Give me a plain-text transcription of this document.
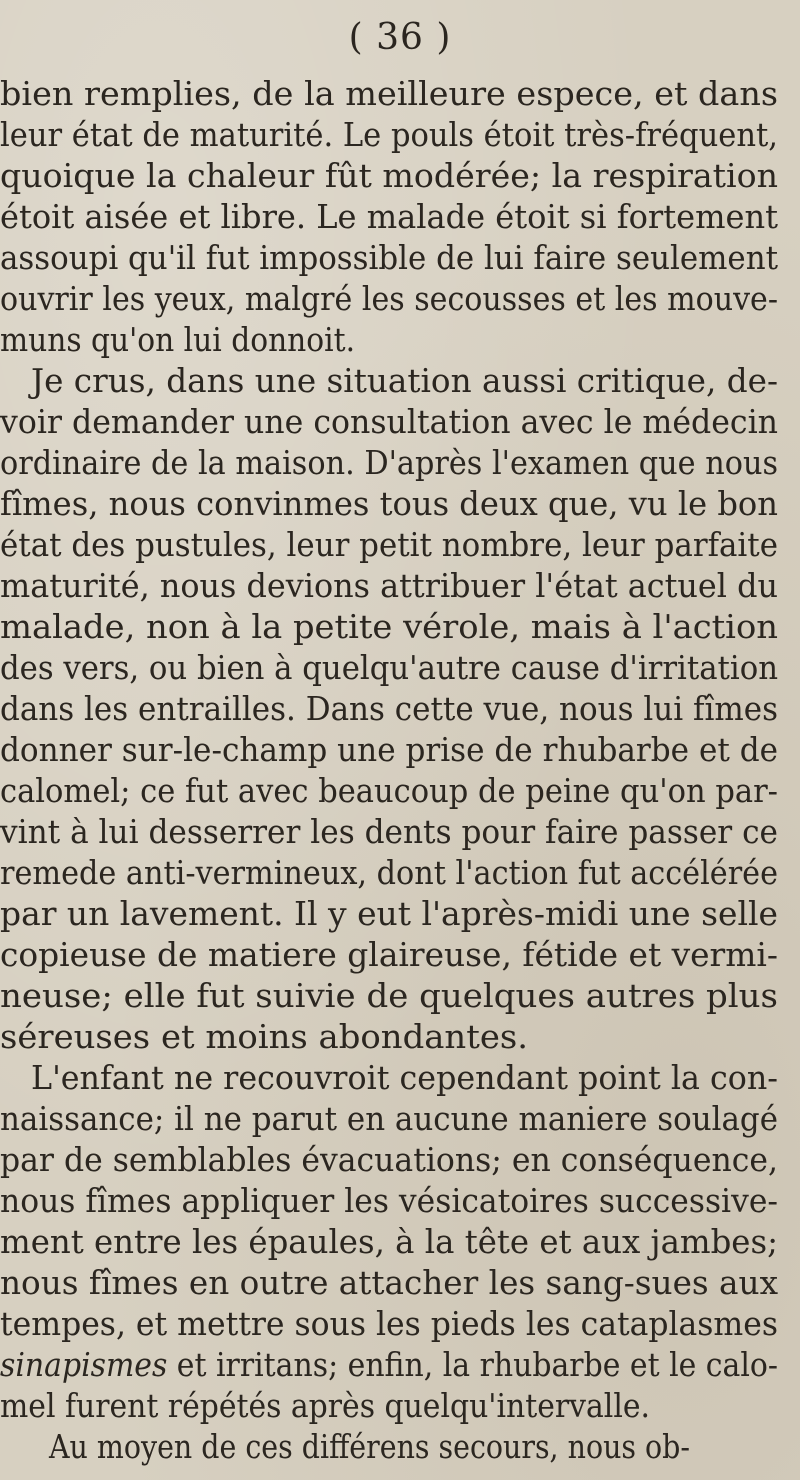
( 36 )
bien remplies, de la meilleure espece, et dans
leur état de maturité. Le pouls étoit très-fréquent,
quoique la chaleur fût modérée; la respiration
étoit aisée et libre. Le malade étoit si fortement
assoupi qu'il fut impossible de lui faire seulement
ouvrir les yeux, malgré les secousses et les mouve-
muns qu'on lui donnoit.
Je crus, dans une situation aussi critique, de-
voir demander une consultation avec le médecin
ordinaire de la maison. D'après l'examen que nous
fîmes, nous convinmes tous deux que, vu le bon
état des pustules, leur petit nombre, leur parfaite
maturité, nous devions attribuer l'état actuel du
malade, non à la petite vérole, mais à l'action
des vers, ou bien à quelqu'autre cause d'irritation
dans les entrailles. Dans cette vue, nous lui fîmes
donner sur-le-champ une prise de rhubarbe et de
calomel; ce fut avec beaucoup de peine qu'on par-
vint à lui desserrer les dents pour faire passer ce
remede anti-vermineux, dont l'action fut accélérée
par un lavement. Il y eut l'après-midi une selle
copieuse de matiere glaireuse, fétide et vermi-
neuse; elle fut suivie de quelques autres plus
séreuses et moins abondantes.
L'enfant ne recouvroit cependant point la con-
naissance; il ne parut en aucune maniere soulagé
par de semblables évacuations; en conséquence,
nous fîmes appliquer les vésicatoires successive-
ment entre les épaules, à la tête et aux jambes;
nous fîmes en outre attacher les sang-sues aux
tempes, et mettre sous les pieds les cataplasmes
sinapismes et irritans; enfin, la rhubarbe et le calo-
mel furent répétés après quelqu'intervalle.
Au moyen de ces différens secours, nous ob-
